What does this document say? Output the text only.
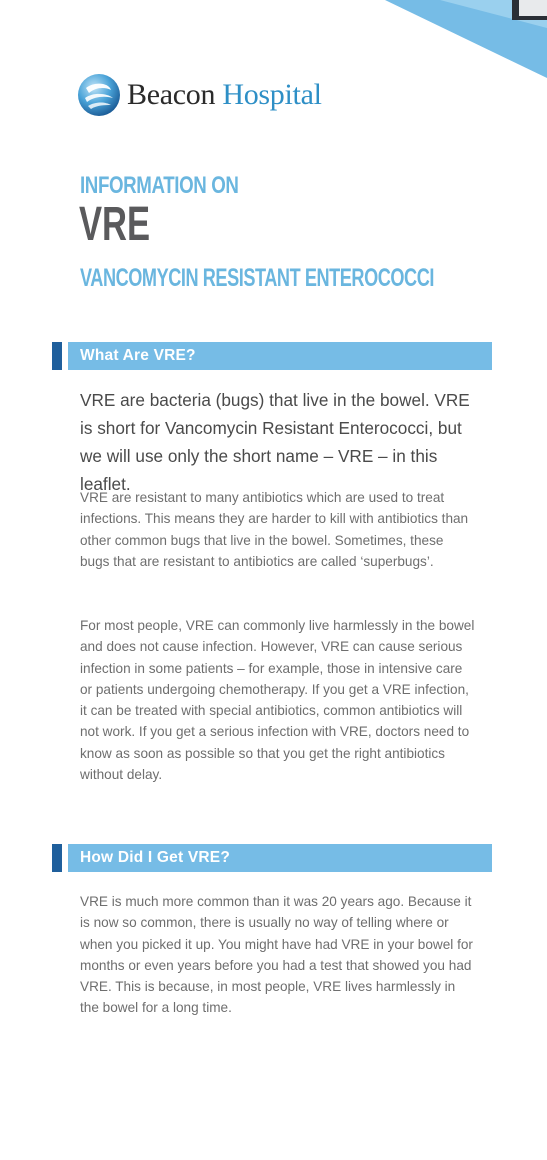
Beacon Hospital
INFORMATION ON
VRE
VANCOMYCIN RESISTANT ENTEROCOCCI
What Are VRE?
VRE are bacteria (bugs) that live in the bowel. VRE is short for Vancomycin Resistant Enterococci, but we will use only the short name – VRE – in this leaflet.
VRE are resistant to many antibiotics which are used to treat infections. This means they are harder to kill with antibiotics than other common bugs that live in the bowel. Sometimes, these bugs that are resistant to antibiotics are called ‘superbugs’.
For most people, VRE can commonly live harmlessly in the bowel and does not cause infection. However, VRE can cause serious infection in some patients – for example, those in intensive care or patients undergoing chemotherapy. If you get a VRE infection, it can be treated with special antibiotics, common antibiotics will not work. If you get a serious infection with VRE, doctors need to know as soon as possible so that you get the right antibiotics without delay.
How Did I Get VRE?
VRE is much more common than it was 20 years ago. Because it is now so common, there is usually no way of telling where or when you picked it up. You might have had VRE in your bowel for months or even years before you had a test that showed you had VRE. This is because, in most people, VRE lives harmlessly in the bowel for a long time.
